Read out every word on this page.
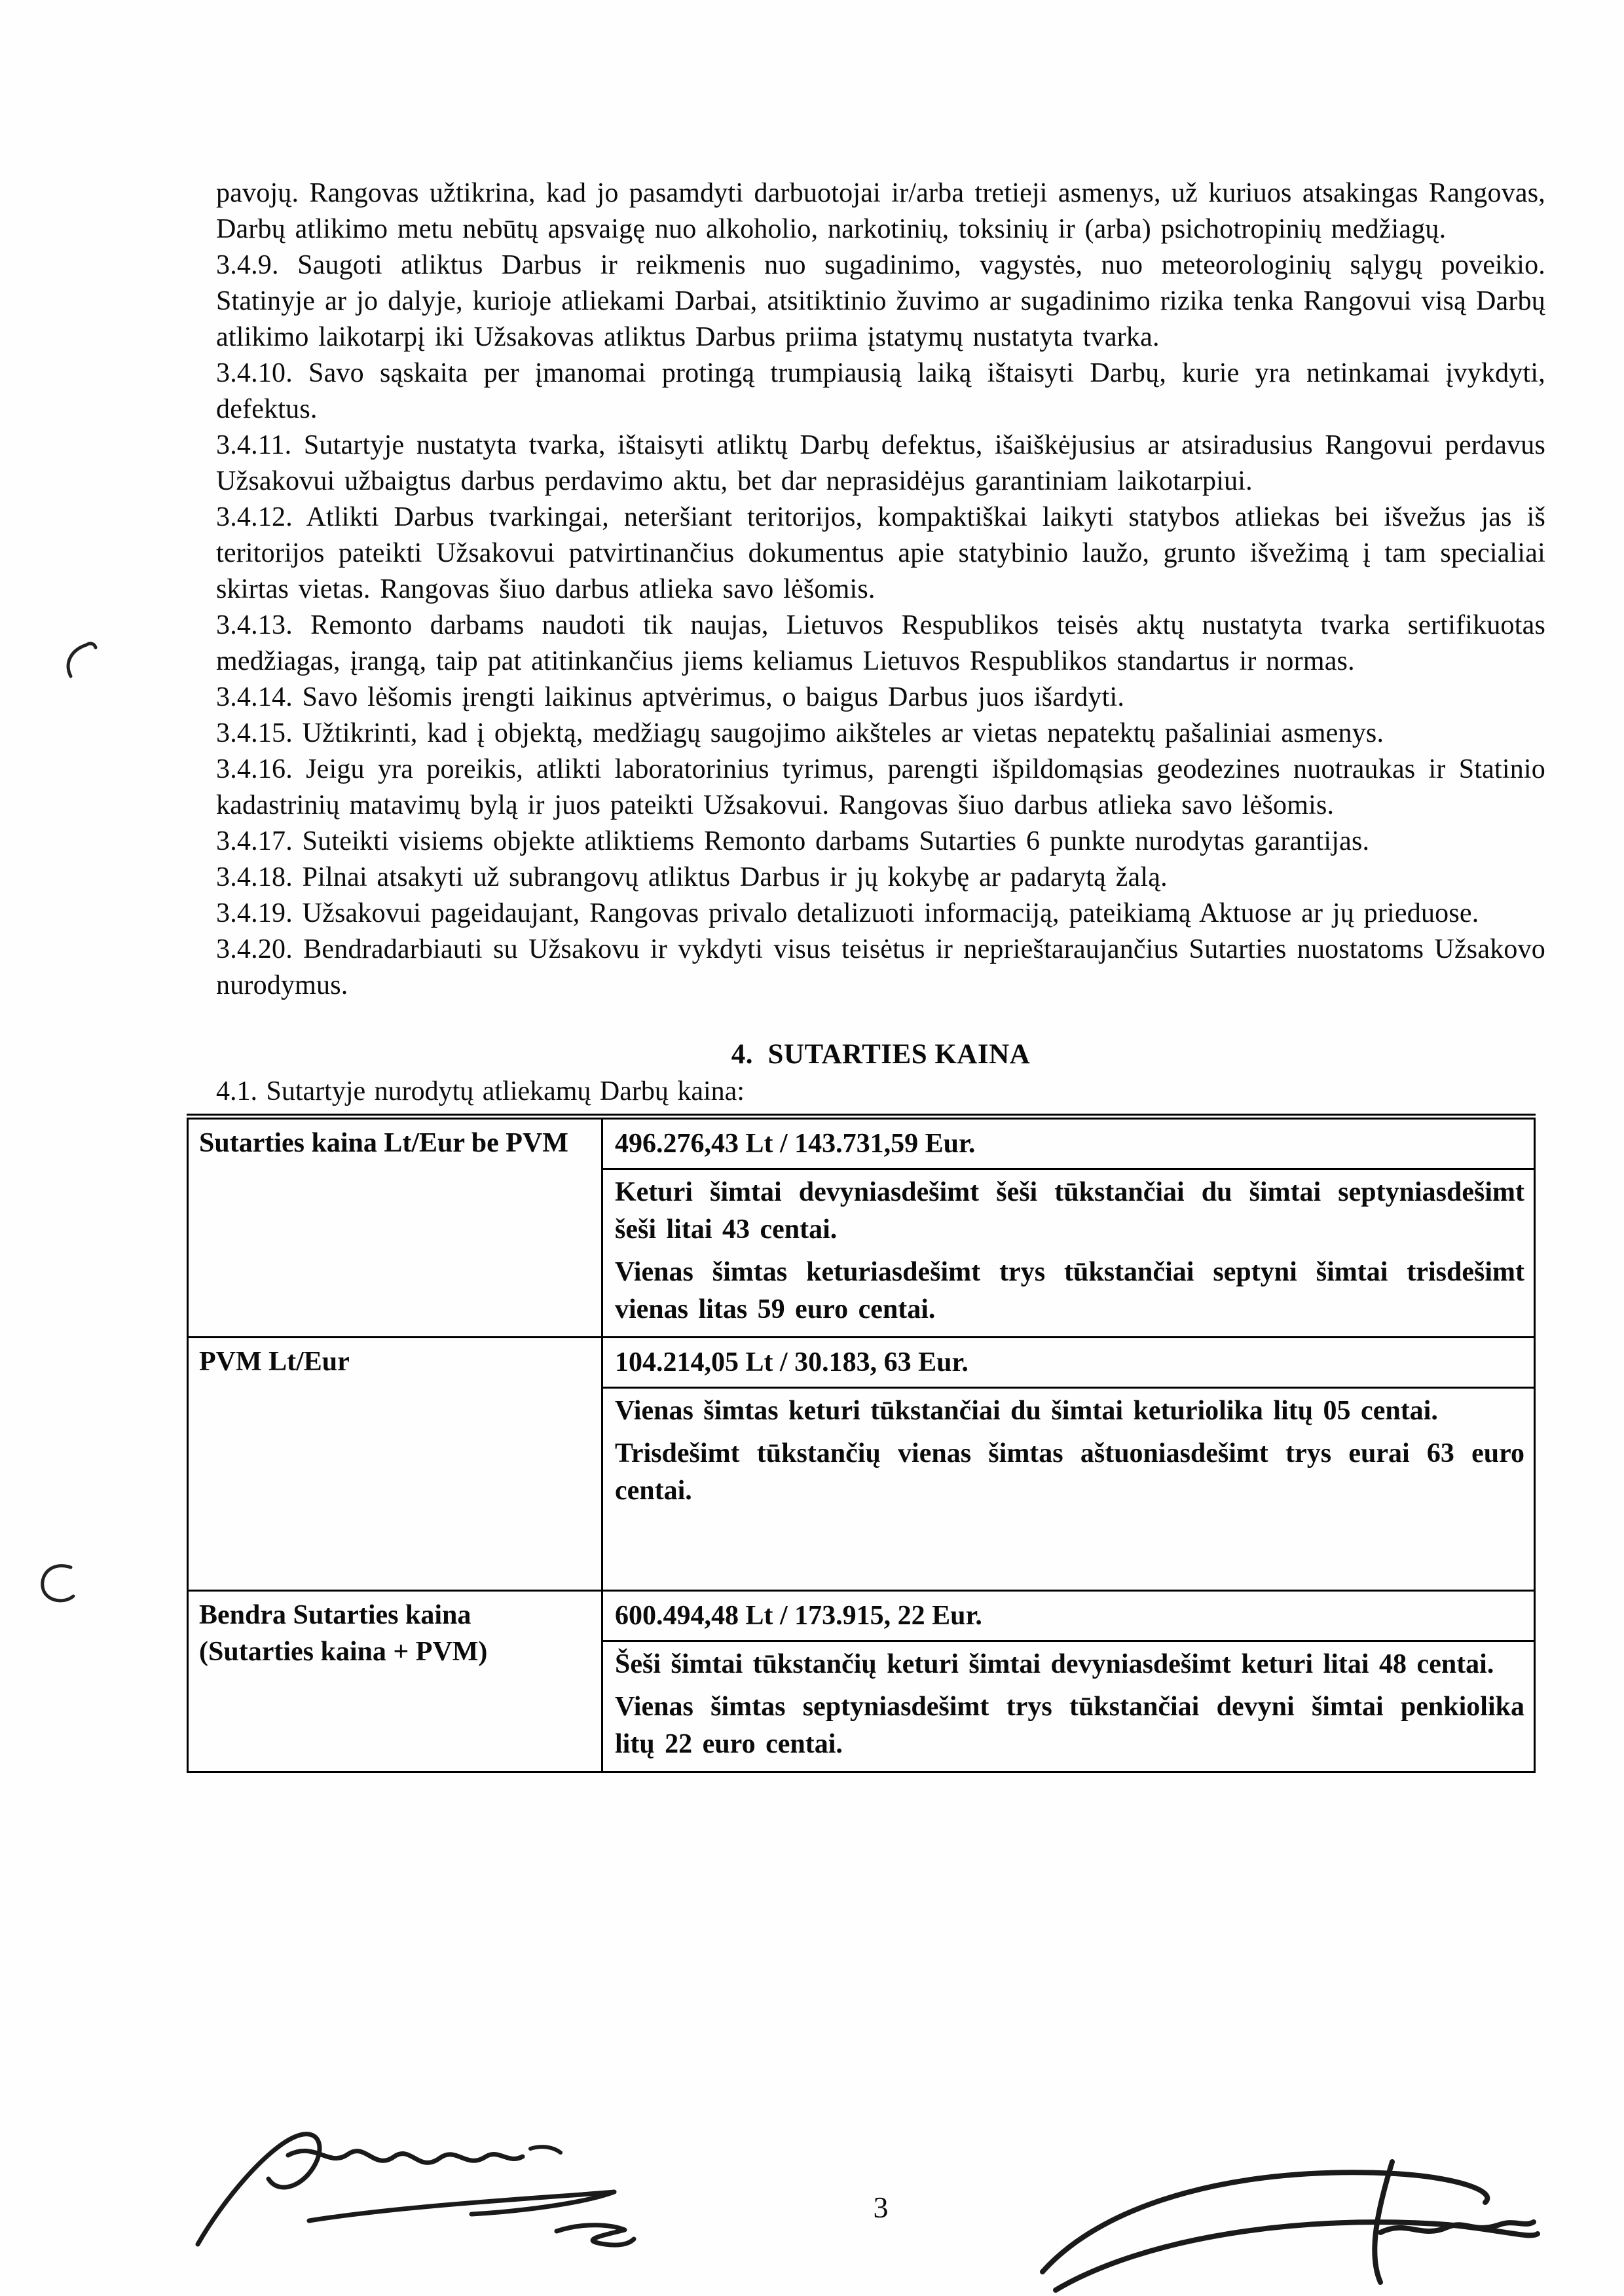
pavojų. Rangovas užtikrina, kad jo pasamdyti darbuotojai ir/arba tretieji asmenys, už kuriuos atsakingas Rangovas, Darbų atlikimo metu nebūtų apsvaigę nuo alkoholio, narkotinių, toksinių ir (arba) psichotropinių medžiagų.

3.4.9. Saugoti atliktus Darbus ir reikmenis nuo sugadinimo, vagystės, nuo meteorologinių sąlygų poveikio. Statinyje ar jo dalyje, kurioje atliekami Darbai, atsitiktinio žuvimo ar sugadinimo rizika tenka Rangovui visą Darbų atlikimo laikotarpį iki Užsakovas atliktus Darbus priima įstatymų nustatyta tvarka.

3.4.10. Savo sąskaita per įmanomai protingą trumpiausią laiką ištaisyti Darbų, kurie yra netinkamai įvykdyti, defektus.

3.4.11. Sutartyje nustatyta tvarka, ištaisyti atliktų Darbų defektus, išaiškėjusius ar atsiradusius Rangovui perdavus Užsakovui užbaigtus darbus perdavimo aktu, bet dar neprasidėjus garantiniam laikotarpiui.

3.4.12. Atlikti Darbus tvarkingai, neteršiant teritorijos, kompaktiškai laikyti statybos atliekas bei išvežus jas iš teritorijos pateikti Užsakovui patvirtinančius dokumentus apie statybinio laužo, grunto išvežimą į tam specialiai skirtas vietas. Rangovas šiuo darbus atlieka savo lėšomis.

3.4.13. Remonto darbams naudoti tik naujas, Lietuvos Respublikos teisės aktų nustatyta tvarka sertifikuotas medžiagas, įrangą, taip pat atitinkančius jiems keliamus Lietuvos Respublikos standartus ir normas.

3.4.14. Savo lėšomis įrengti laikinus aptvėrimus, o baigus Darbus juos išardyti.

3.4.15. Užtikrinti, kad į objektą, medžiagų saugojimo aikšteles ar vietas nepatektų pašaliniai asmenys.

3.4.16. Jeigu yra poreikis, atlikti laboratorinius tyrimus, parengti išpildomąsias geodezines nuotraukas ir Statinio kadastrinių matavimų bylą ir juos pateikti Užsakovui. Rangovas šiuo darbus atlieka savo lėšomis.

3.4.17. Suteikti visiems objekte atliktiems Remonto darbams Sutarties 6 punkte nurodytas garantijas.

3.4.18. Pilnai atsakyti už subrangovų atliktus Darbus ir jų kokybę ar padarytą žalą.

3.4.19. Užsakovui pageidaujant, Rangovas privalo detalizuoti informaciją, pateikiamą Aktuose ar jų prieduose.

3.4.20. Bendradarbiauti su Užsakovu ir vykdyti visus teisėtus ir neprieštaraujančius Sutarties nuostatoms Užsakovo nurodymus.

4.  SUTARTIES KAINA

4.1. Sutartyje nurodytų atliekamų Darbų kaina:

Sutarties kaina Lt/Eur be PVM	496.276,43 Lt / 143.731,59 Eur.
Keturi šimtai devyniasdešimt šeši tūkstančiai du šimtai septyniasdešimt šeši litai 43 centai.
Vienas šimtas keturiasdešimt trys tūkstančiai septyni šimtai trisdešimt vienas litas 59 euro centai.

PVM Lt/Eur	104.214,05 Lt / 30.183, 63 Eur.
Vienas šimtas keturi tūkstančiai du šimtai keturiolika litų 05 centai.
Trisdešimt tūkstančių vienas šimtas aštuoniasdešimt trys eurai 63 euro centai.

Bendra Sutarties kaina (Sutarties kaina + PVM)	600.494,48 Lt / 173.915, 22 Eur.
Šeši šimtai tūkstančių keturi šimtai devyniasdešimt keturi litai 48 centai.
Vienas šimtas septyniasdešimt trys tūkstančiai devyni šimtai penkiolika litų 22 euro centai.
3
